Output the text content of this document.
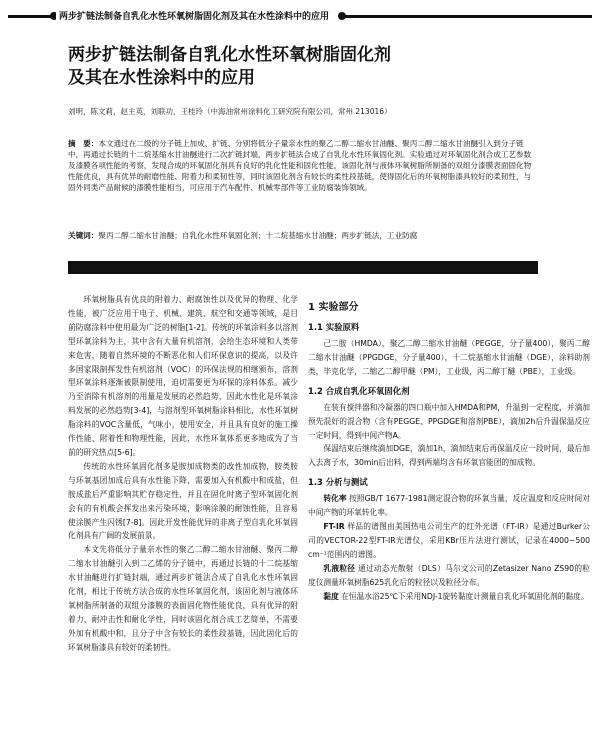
两步扩链法制备自乳化水性环氧树脂固化剂及其在水性涂料中的应用
两步扩链法制备自乳化水性环氧树脂固化剂
及其在水性涂料中的应用
刘明，陈文莉，赵主英，刘联功，王桂玲（中海油常州涂料化工研究院有限公司，常州 213016）
摘　要：本文通过在二级的分子链上加成、扩链、分别将低分子量亲水性的聚乙二醇二缩水甘油醚、聚丙二醇二缩水甘油醚引入到分子链中，再通过长链的十二烷基缩水甘油醚进行二次扩链封端，两步扩链法合成了自乳化水性环氧固化剂。实验通过对环氧固化剂合成工艺参数及漆膜各项性能的考察，发现合成的环氧固化剂具有良好的乳化性能和固化性能，该固化剂与液体环氧树脂所制备的双组分漆膜表面固化物性能优良，具有优异的耐磨性能、附着力和柔韧性等，同时该固化剂含有较长的柔性段基链，使得固化后的环氧树脂漆具较好的柔韧性，与固外同类产品耐候的漆膜性能相当，可应用于汽车配件、机械零部件等工业防腐装饰领域。
关键词：聚丙二醇二缩水甘油醚；自乳化水性环氧固化剂；十二烷基缩水甘油醚；两步扩链法，工业防腐

环氧树脂具有优良的附着力、耐腐蚀性以及优异的物理、化学性能，被广泛应用于电子、机械、建筑、航空和交通等领域，是目前防腐涂料中使用最为广泛的树脂[1-2]。传统的环氧涂料多以溶剂型环氧涂料为主，其中含有大量有机溶剂，会给生态环境和人类带来危害，随着自然环境的不断恶化和人们环保意识的提高，以及许多国家限制挥发性有机溶剂（VOC）的环保法规的相继颁布，溶剂型环氧涂料逐渐被限制使用，迫切需要更为环保的涂料体系。减少乃至消除有机溶剂的用量是发展的必然趋势，因此水性化是环氧涂料发展的必然趋势[3-4]，与溶剂型环氧树脂涂料相比，水性环氧树脂涂料的VOC含量低，气味小，使用安全，并且具有良好的施工操作性能、附着性和物理性能，因此，水性环氧体系更多地成为了当前的研究热点[5-6]。

传统的水性环氧固化剂多是胺加成物类的改性加成物，胺类胺与环氧基团加成后具有水性能下降，需要加入有机酸中和成盐，但胺成盐后严重影响其贮存稳定性，并且在固化时离子型环氧固化剂会有的有机酸会挥发出来污染环境，影响涂膜的耐蚀性能，且容易使涂膜产生闪锈[7-8]。因此开发性能优异的非离子型自乳化环氧固化剂具有广阔的发展前景。

本文先将低分子量亲水性的聚乙二醇二缩水甘油醚、聚丙二醇二缩水甘油醚引入到二乙烯的分子链中，再通过长链的十二烷基缩水甘油醚进行扩链封端，通过两步扩链法合成了自乳化水性环氧固化剂，相比于传统方法合成的水性环氧固化剂，该固化剂与液体环氧树脂所制备的双组分漆膜的表面固化物性能优良，具有优异的附着力、耐冲击性和耐化学性，同时该固化剂合成工艺简单，不需要外加有机酸中和，且分子中含有较长的柔性段基链，因此固化后的环氧树脂漆具有较好的柔韧性。

1 实验部分
1.1 实验原料

己二胺（HMDA），聚乙二醇二缩水甘油醚（PEGGE，分子量400），聚丙二醇二缩水甘油醚（PPGDGE，分子量400），十二烷基缩水甘油醚（DGE），涂料助剂类，毕克化学，二缩乙二醇甲醚（PM），工业级，丙二醇丁醚（PBE），工业级。

1.2 合成自乳化环氧固化剂

在装有搅拌器和冷凝器的四口瓶中加入HMDA和PM，升温到一定程度，并滴加预先混好的混合物（含有PEGGE、PPGDGE和溶剂PBE），滴加2h后升温保温反应一定时间，得到中间产物A。

保温结束后继续滴加DGE，滴加1h，滴加结束后再保温反应一段时间，最后加入去离子水，30min后出料，得到两端均含有环氧官能团的加成物。

1.3 分析与测试

转化率 按照GB/T 1677-1981测定混合物的环氧当量，反应温度和反应时间对中间产物的环氧转化率。

FT-IR 样品的谱图由美国热电公司生产的红外光谱（FT-IR）是通过Burker公司的VECTOR-22型FT-IR光谱仪，采用KBr压片法进行测试，记录在4000~500 cm⁻¹范围内的谱图。

乳液粒径 通过动态光散射（DLS）马尔文公司的Zetasizer Nano ZS90的粒度仪测量环氧树脂625乳化后的粒径以及粒径分布。

黏度 在恒温水浴25℃下采用NDJ-1旋转黏度计测量自乳化环氧固化剂的黏度。
